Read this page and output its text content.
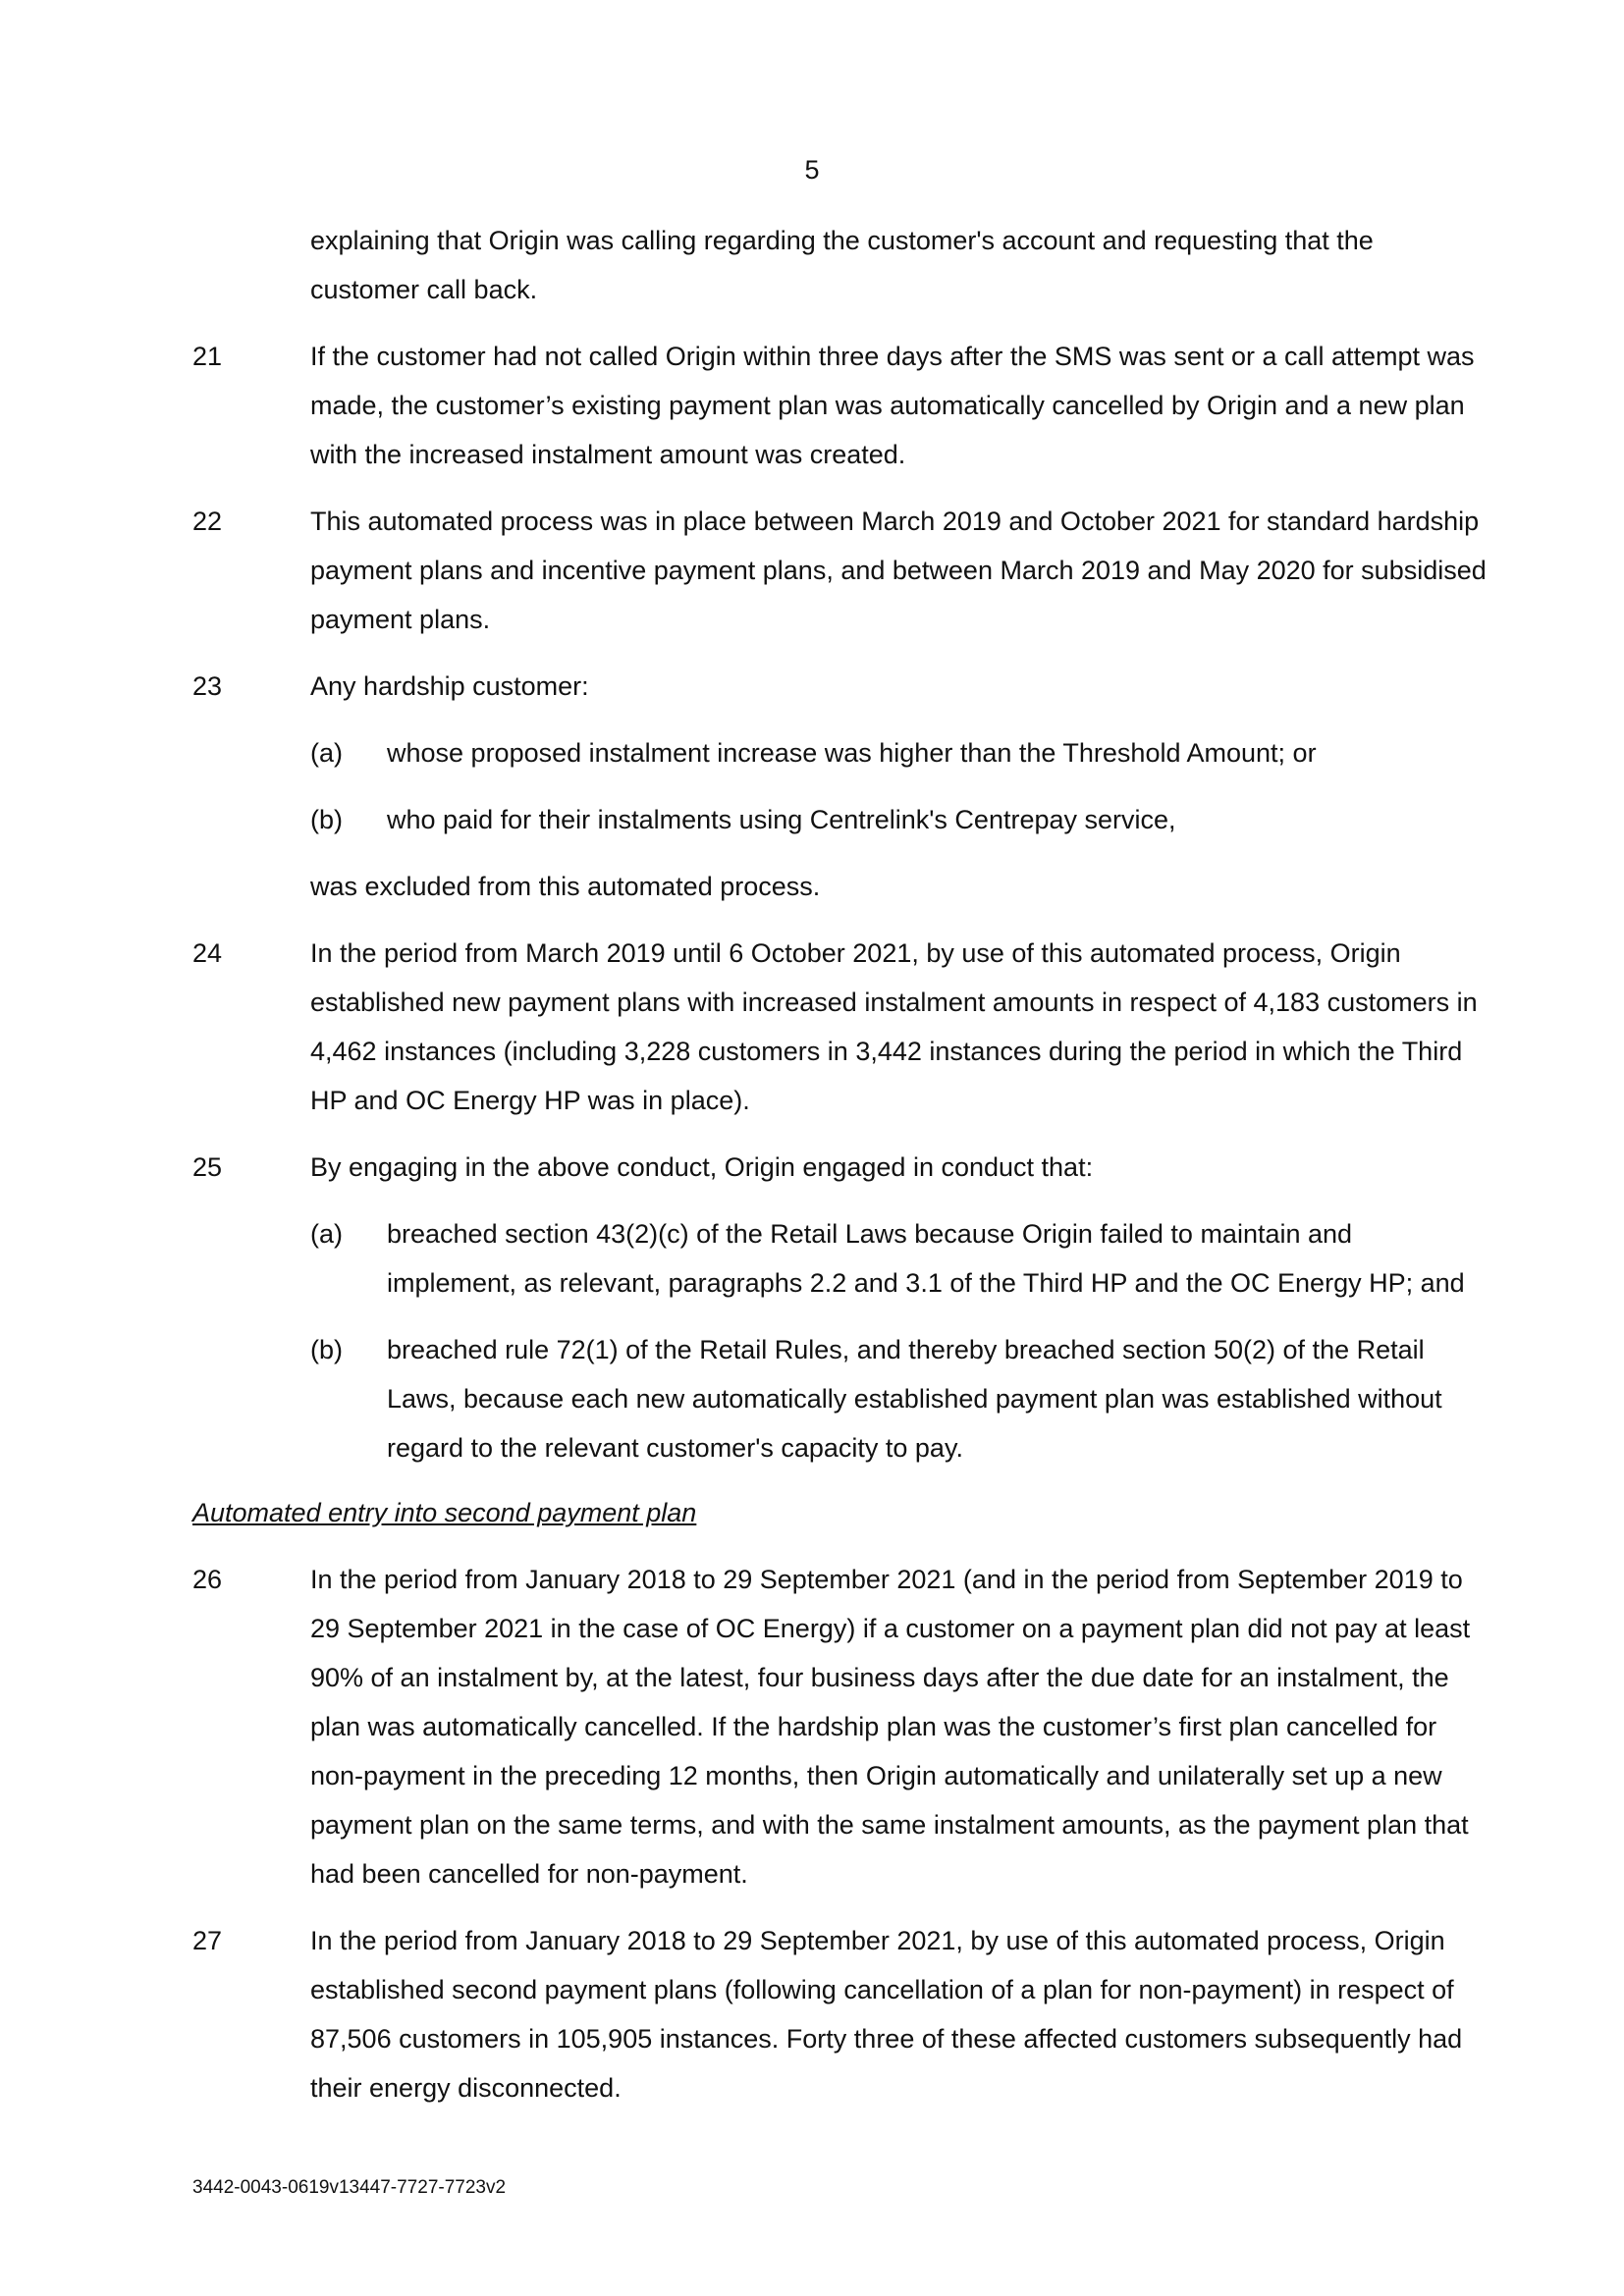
5
explaining that Origin was calling regarding the customer's account and requesting that the customer call back.
21	If the customer had not called Origin within three days after the SMS was sent or a call attempt was made, the customer’s existing payment plan was automatically cancelled by Origin and a new plan with the increased instalment amount was created.
22	This automated process was in place between March 2019 and October 2021 for standard hardship payment plans and incentive payment plans, and between March 2019 and May 2020 for subsidised payment plans.
23	Any hardship customer:
(a) whose proposed instalment increase was higher than the Threshold Amount; or
(b) who paid for their instalments using Centrelink's Centrepay service,
was excluded from this automated process.
24	In the period from March 2019 until 6 October 2021, by use of this automated process, Origin established new payment plans with increased instalment amounts in respect of 4,183 customers in 4,462 instances (including 3,228 customers in 3,442 instances during the period in which the Third HP and OC Energy HP was in place).
25	By engaging in the above conduct, Origin engaged in conduct that:
(a) breached section 43(2)(c) of the Retail Laws because Origin failed to maintain and implement, as relevant, paragraphs 2.2 and 3.1 of the Third HP and the OC Energy HP; and
(b) breached rule 72(1) of the Retail Rules, and thereby breached section 50(2) of the Retail Laws, because each new automatically established payment plan was established without regard to the relevant customer's capacity to pay.
Automated entry into second payment plan
26	In the period from January 2018 to 29 September 2021 (and in the period from September 2019 to 29 September 2021 in the case of OC Energy) if a customer on a payment plan did not pay at least 90% of an instalment by, at the latest, four business days after the due date for an instalment, the plan was automatically cancelled. If the hardship plan was the customer’s first plan cancelled for non-payment in the preceding 12 months, then Origin automatically and unilaterally set up a new payment plan on the same terms, and with the same instalment amounts, as the payment plan that had been cancelled for non-payment.
27	In the period from January 2018 to 29 September 2021, by use of this automated process, Origin established second payment plans (following cancellation of a plan for non-payment) in respect of 87,506 customers in 105,905 instances. Forty three of these affected customers subsequently had their energy disconnected.
3442-0043-0619v13447-7727-7723v2
